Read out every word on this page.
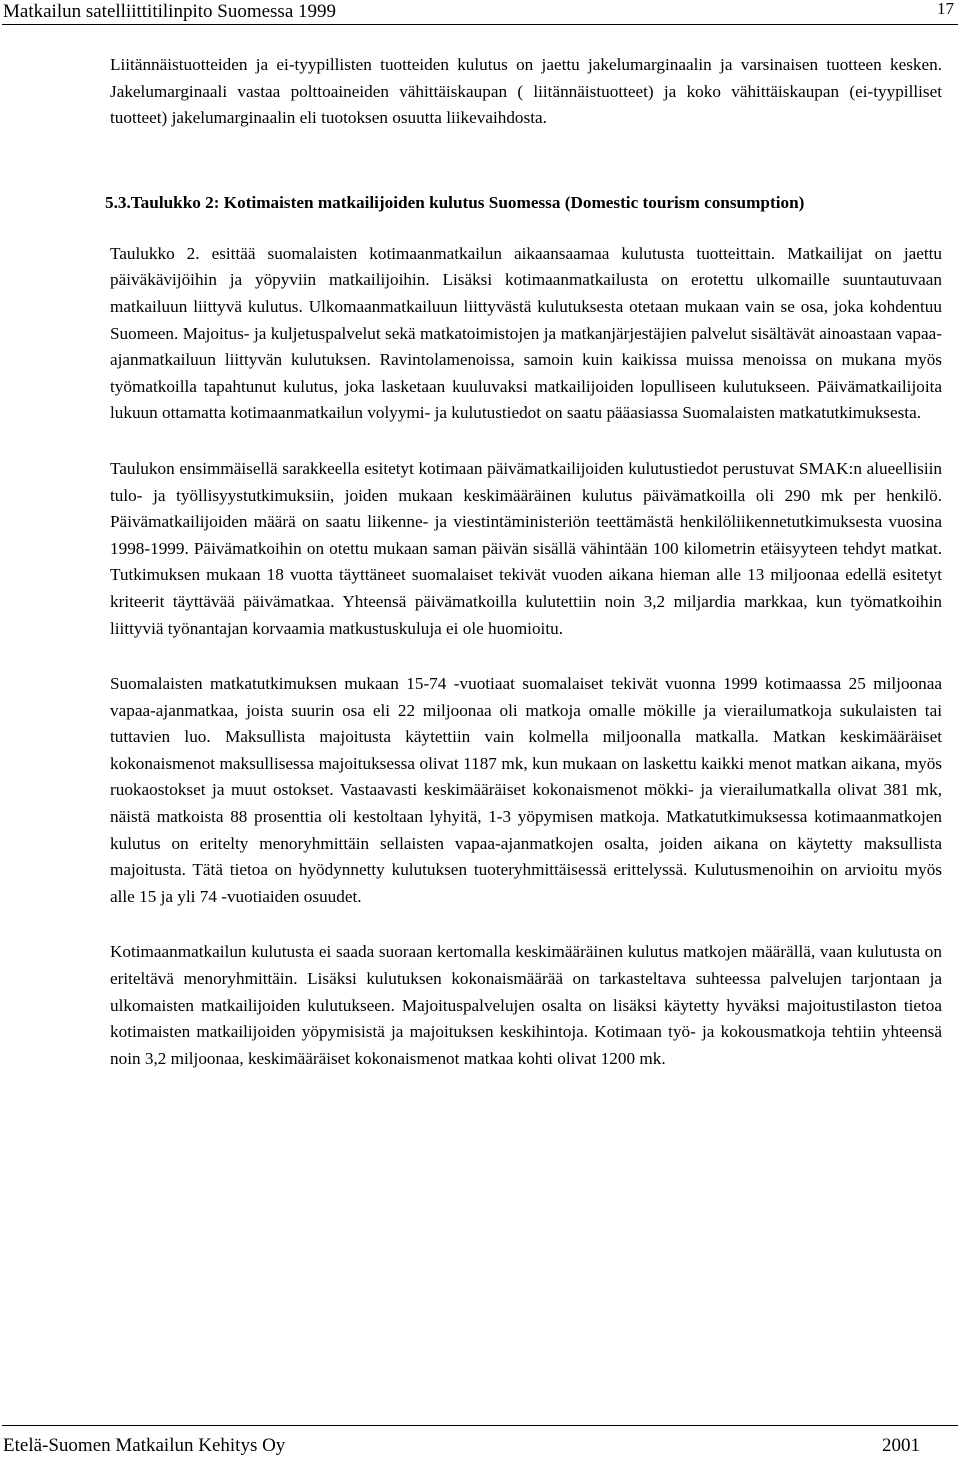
Matkailun satelliittitilinpito Suomessa 1999	17

Liitännäistuotteiden ja ei-tyypillisten tuotteiden kulutus on jaettu jakelumarginaalin ja varsinaisen tuotteen kesken. Jakelumarginaali vastaa polttoaineiden vähittäiskaupan ( liitännäistuotteet) ja koko vähittäiskaupan (ei-tyypilliset tuotteet) jakelumarginaalin eli tuotoksen osuutta liikevaihdosta.

5.3.Taulukko 2: Kotimaisten matkailijoiden kulutus Suomessa (Domestic tourism consumption)

Taulukko 2. esittää suomalaisten kotimaanmatkailun aikaansaamaa kulutusta tuotteittain. Matkailijat on jaettu päiväkävijöihin ja yöpyviin matkailijoihin. Lisäksi kotimaanmatkailusta on erotettu ulkomaille suuntautuvaan matkailuun liittyvä kulutus. Ulkomaanmatkailuun liittyvästä kulutuksesta otetaan mukaan vain se osa, joka kohdentuu Suomeen. Majoitus- ja kuljetuspalvelut sekä matkatoimistojen ja matkanjärjestäjien palvelut sisältävät ainoastaan vapaa-ajanmatkailuun liittyvän kulutuksen. Ravintolamenoissa, samoin kuin kaikissa muissa menoissa on mukana myös työmatkoilla tapahtunut kulutus, joka lasketaan kuuluvaksi matkailijoiden lopulliseen kulutukseen. Päivämatkailijoita lukuun ottamatta kotimaanmatkailun volyymi- ja kulutustiedot on saatu pääasiassa Suomalaisten matkatutkimuksesta.

Taulukon ensimmäisellä sarakkeella esitetyt kotimaan päivämatkailijoiden kulutustiedot perustuvat SMAK:n alueellisiin tulo- ja työllisyystutkimuksiin, joiden mukaan keskimääräinen kulutus päivämatkoilla oli 290 mk per henkilö. Päivämatkailijoiden määrä on saatu liikenne- ja viestintäministeriön teettämästä henkilöliikennetutkimuksesta vuosina 1998-1999. Päivämatkoihin on otettu mukaan saman päivän sisällä vähintään 100 kilometrin etäisyyteen tehdyt matkat. Tutkimuksen mukaan 18 vuotta täyttäneet suomalaiset tekivät vuoden aikana hieman alle 13 miljoonaa edellä esitetyt kriteerit täyttävää päivämatkaa. Yhteensä päivämatkoilla kulutettiin noin 3,2 miljardia markkaa, kun työmatkoihin liittyviä työnantajan korvaamia matkustuskuluja ei ole huomioitu.

Suomalaisten matkatutkimuksen mukaan 15-74 -vuotiaat suomalaiset tekivät vuonna 1999 kotimaassa 25 miljoonaa vapaa-ajanmatkaa, joista suurin osa eli 22 miljoonaa oli matkoja omalle mökille ja vierailumatkoja sukulaisten tai tuttavien luo. Maksullista majoitusta käytettiin vain kolmella miljoonalla matkalla. Matkan keskimääräiset kokonaismenot maksullisessa majoituksessa olivat 1187 mk, kun mukaan on laskettu kaikki menot matkan aikana, myös ruokaostokset ja muut ostokset. Vastaavasti keskimääräiset kokonaismenot mökki- ja vierailumatkalla olivat 381 mk, näistä matkoista 88 prosenttia oli kestoltaan lyhyitä, 1-3 yöpymisen matkoja. Matkatutkimuksessa kotimaanmatkojen kulutus on eritelty menoryhmittäin sellaisten vapaa-ajanmatkojen osalta, joiden aikana on käytetty maksullista majoitusta. Tätä tietoa on hyödynnetty kulutuksen tuoteryhmittäisessä erittelyssä. Kulutusmenoihin on arvioitu myös alle 15 ja yli 74 -vuotiaiden osuudet.

Kotimaanmatkailun kulutusta ei saada suoraan kertomalla keskimääräinen kulutus matkojen määrällä, vaan kulutusta on eriteltävä menoryhmittäin. Lisäksi kulutuksen kokonaismäärää on tarkasteltava suhteessa palvelujen tarjontaan ja ulkomaisten matkailijoiden kulutukseen. Majoituspalvelujen osalta on lisäksi käytetty hyväksi majoitustilaston tietoa kotimaisten matkailijoiden yöpymisistä ja majoituksen keskihintoja. Kotimaan työ- ja kokousmatkoja tehtiin yhteensä noin 3,2 miljoonaa, keskimääräiset kokonaismenot matkaa kohti olivat 1200 mk.

Etelä-Suomen Matkailun Kehitys Oy	2001
